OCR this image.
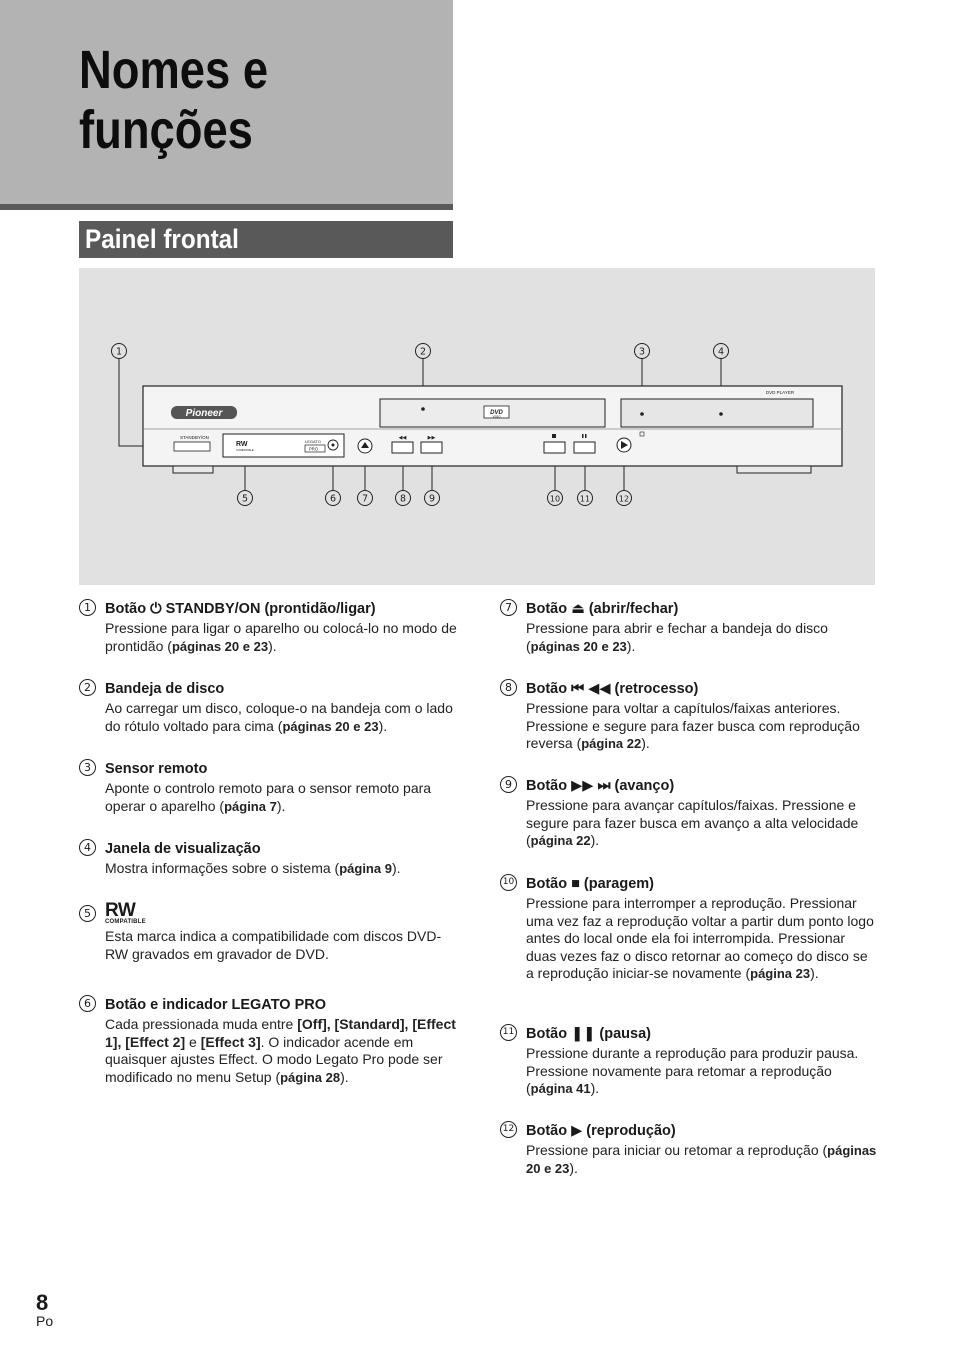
Nomes e
funções
Painel frontal
Pioneer
STANDBY/ON
RW
COMPATIBLE
LEGATO
PRO
DVD
VIDEO
DVD PLAYER
◀◀	▶▶
1	2	3	4
5	6	7	8 9	10 11	12
1 Botão ⏻ STANDBY/ON (prontidão/ligar)

Pressione para ligar o aparelho ou colocá-lo no modo de prontidão (páginas 20 e 23).

2 Bandeja de disco

Ao carregar um disco, coloque-o na bandeja com o lado do rótulo voltado para cima (páginas 20 e 23).

3 Sensor remoto

Aponte o controlo remoto para o sensor remoto para operar o aparelho (página 7).

4 Janela de visualização

Mostra informações sobre o sistema (página 9).

5 RW
COMPATIBLE

Esta marca indica a compatibilidade com discos DVD-RW gravados em gravador de DVD.

6 Botão e indicador LEGATO PRO

Cada pressionada muda entre [Off], [Standard], [Effect 1], [Effect 2] e [Effect 3]. O indicador acende em quaisquer ajustes Effect. O modo Legato Pro pode ser modificado no menu Setup (página 28).

7 Botão ⏏ (abrir/fechar)

Pressione para abrir e fechar a bandeja do disco (páginas 20 e 23).

8 Botão ⏮ ◀◀ (retrocesso)

Pressione para voltar a capítulos/faixas anteriores. Pressione e segure para fazer busca com reprodução reversa (página 22).

9 Botão ▶▶ ⏭ (avanço)

Pressione para avançar capítulos/faixas. Pressione e segure para fazer busca em avanço a alta velocidade (página 22).

10 Botão ■ (paragem)

Pressione para interromper a reprodução. Pressionar uma vez faz a reprodução voltar a partir dum ponto logo antes do local onde ela foi interrompida. Pressionar duas vezes faz o disco retornar ao começo do disco se a reprodução iniciar-se novamente (página 23).

11 Botão ❚❚ (pausa)

Pressione durante a reprodução para produzir pausa. Pressione novamente para retomar a reprodução (página 41).

12 Botão ▶ (reprodução)

Pressione para iniciar ou retomar a reprodução (páginas 20 e 23).

8
Po
